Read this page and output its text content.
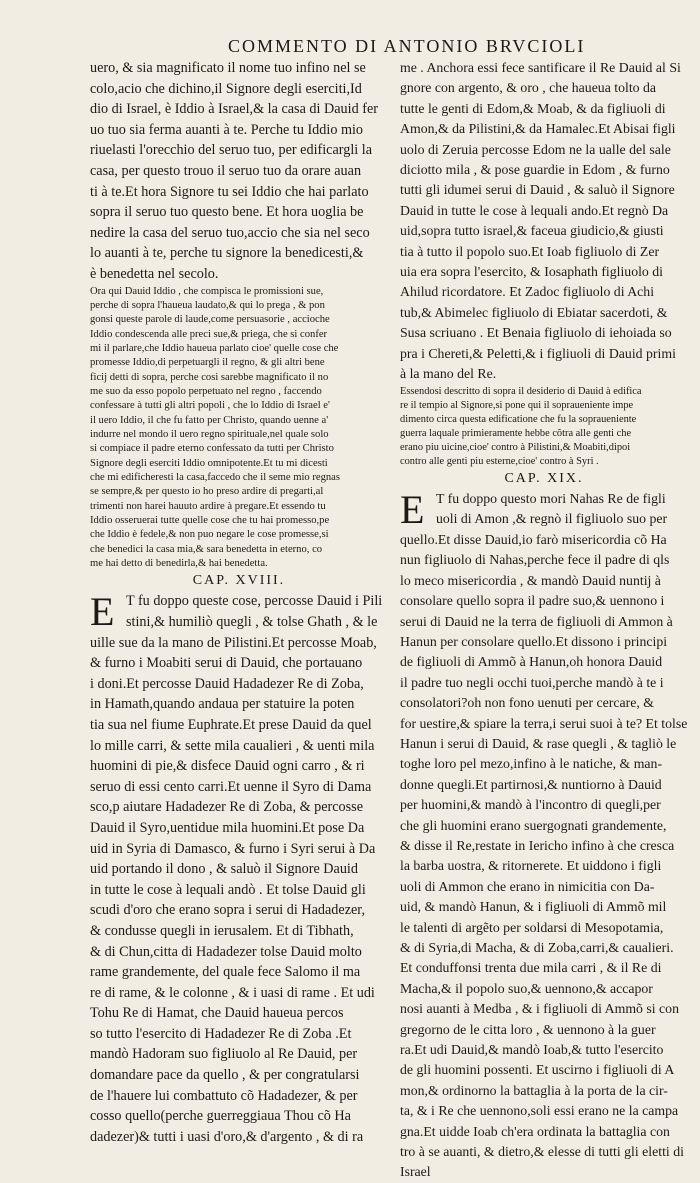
COMMENTO DI ANTONIO BRVCIOLI
uero, & sia magnificato il nome tuo infino nel se
colo,acio che dichino,il Signore degli eserciti,Id
dio di Israel, è Iddio à Israel,& la casa di Dauid fer
uo tuo sia ferma auanti à te. Perche tu Iddio mio
riuelasti l'orecchio del seruo tuo, per edificargli la
casa, per questo trouo il seruo tuo da orare auan
ti à te.Et hora Signore tu sei Iddio che hai parlato
sopra il seruo tuo questo bene. Et hora uoglia be
nedire la casa del seruo tuo,accio che sia nel seco
lo auanti à te, perche tu signore la benedicesti,&
è benedetta nel secolo.
Ora qui Dauid Iddio , che compisca le promissioni sue,
perche di sopra l'haueua laudato,& qui lo prega , & pon
gonsi queste parole di laude,come persuasorie , accioche
Iddio condescenda alle preci sue,& priega, che si confer
mi il parlare,che Iddio haueua parlato cioe' quelle cose che
promesse Iddio,di perpetuargli il regno, & gli altri bene
ficij detti di sopra, perche cosi sarebbe magnificato il no
me suo da esso popolo perpetuato nel regno , faccendo
confessare à tutti gli altri popoli , che lo Iddio di Israel e'
il uero Iddio, il che fu fatto per Christo, quando uenne a'
indurre nel mondo il uero regno spirituale,nel quale solo
si compiace il padre eterno confessato da tutti per Christo
Signore degli eserciti Iddio omnipotente.Et tu mi dicesti
che mi edificheresti la casa,faccedo che il seme mio regnas
se sempre,& per questo io ho preso ardire di pregarti,al
trimenti non harei hauuto ardire à pregare.Et essendo tu
Iddio osseruerai tutte quelle cose che tu hai promesso,pe
che Iddio è fedele,& non puo negare le cose promesse,si
che benedici la casa mia,& sara benedetta in eterno, co
me hai detto di benedirla,& hai benedetta.
CAP. XVIII.
E T fu doppo queste cose, percosse Dauid i Pili
stini,& humiliò quegli , & tolse Ghath , & le
uille sue da la mano de Pilistini.Et percosse Moab,
& furno i Moabiti serui di Dauid, che portauano
i doni.Et percosse Dauid Hadadezer Re di Zoba,
in Hamath,quando andaua per statuire la poten
tia sua nel fiume Euphrate.Et prese Dauid da quel
lo mille carri, & sette mila caualieri , & uenti mila
huomini di pie,& disfece Dauid ogni carro , & ri
seruo di essi cento carri.Et uenne il Syro di Dama
sco,p aiutare Hadadezer Re di Zoba, & percosse
Dauid il Syro,uentidue mila huomini.Et pose Da
uid in Syria di Damasco, & furno i Syri serui à Da
uid portando il dono , & saluò il Signore Dauid
in tutte le cose à lequali andò . Et tolse Dauid gli
scudi d'oro che erano sopra i serui di Hadadezer,
& condusse quegli in ierusalem. Et di Tibhath,
& di Chun,citta di Hadadezer tolse Dauid molto
rame grandemente, del quale fece Salomo il ma
re di rame, & le colonne , & i uasi di rame . Et udi
Tohu Re di Hamat, che Dauid haueua percos
so tutto l'esercito di Hadadezer Re di Zoba .Et
mandò Hadoram suo figliuolo al Re Dauid, per
domandare pace da quello , & per congratularsi
de l'hauere lui combattuto cõ Hadadezer, & per
cosso quello(perche guerreggiaua Thou cõ Ha
dadezer)& tutti i uasi d'oro,& d'argento , & di ra
me . Anchora essi fece santificare il Re Dauid al Si
gnore con argento, & oro , che haueua tolto da
tutte le genti di Edom,& Moab, & da figliuoli di
Amon,& da Pilistini,& da Hamalec.Et Abisai figli
uolo di Zeruia percosse Edom ne la ualle del sale
diciotto mila , & pose guardie in Edom , & furno
tutti gli idumei serui di Dauid , & saluò il Signore
Dauid in tutte le cose à lequali ando.Et regnò Da
uid,sopra tutto israel,& faceua giudicio,& giusti
tia à tutto il popolo suo.Et Ioab figliuolo di Zer
uia era sopra l'esercito, & Iosaphath figliuolo di
Ahilud ricordatore. Et Zadoc figliuolo di Achi
tub,& Abimelec figliuolo di Ebiatar sacerdoti, &
Susa scriuano . Et Benaia figliuolo di iehoiada so
pra i Chereti,& Peletti,& i figliuoli di Dauid primi
à la mano del Re.
Essendosi descritto di sopra il desiderio di Dauid à edifica
re il tempio al Signore,si pone qui il sopraueniente impe
dimento circa questa edificatione che fu la sopraueniente
guerra laquale primieramente hebbe cõtra alle genti che
erano piu uicine,cioe' contro à Pilistini,& Moabiti,dipoi
contro alle genti piu esterne,cioe' contro à Syri .
CAP. XIX.
E T fu doppo questo mori Nahas Re de figli
uoli di Amon ,& regnò il figliuolo suo per
quello.Et disse Dauid,io farò misericordia cõ Ha
nun figliuolo di Nahas,perche fece il padre di qls
lo meco misericordia , & mandò Dauid nuntij à
consolare quello sopra il padre suo,& uennono i
serui di Dauid ne la terra de figliuoli di Ammon à
Hanun per consolare quello.Et dissono i principi
de figliuoli di Ammõ à Hanun,oh honora Dauid
il padre tuo negli occhi tuoi,perche mandò à te i
consolatori?oh non fono uenuti per cercare, &
for uestire,& spiare la terra,i serui suoi à te? Et tolse
Hanun i serui di Dauid, & rase quegli , & tagliò le
toghe loro pel mezo,infino à le natiche, & man-
donne quegli.Et partirnosi,& nuntiorno à Dauid
per huomini,& mandò à l'incontro di quegli,per
che gli huomini erano suergognati grandemente,
& disse il Re,restate in Iericho infino à che cresca
la barba uostra, & ritornerete. Et uiddono i figli
uoli di Ammon che erano in nimicitia con Da-
uid, & mandò Hanun, & i figliuoli di Ammõ mil
le talenti di argẽto per soldarsi di Mesopotamia,
& di Syria,di Macha, & di Zoba,carri,& caualieri.
Et conduffonsi trenta due mila carri , & il Re di
Macha,& il popolo suo,& uennono,& accapor
nosi auanti à Medba , & i figliuoli di Ammõ si con
gregorno de le citta loro , & uennono à la guer
ra.Et udi Dauid,& mandò Ioab,& tutto l'esercito
de gli huomini possenti. Et uscirno i figliuoli di A
mon,& ordinorno la battaglia à la porta de la cir-
ta, & i Re che uennono,soli essi erano ne la campa
gna.Et uidde Ioab ch'era ordinata la battaglia con
tro à se auanti, & dietro,& elesse di tutti gli eletti di
Israel
